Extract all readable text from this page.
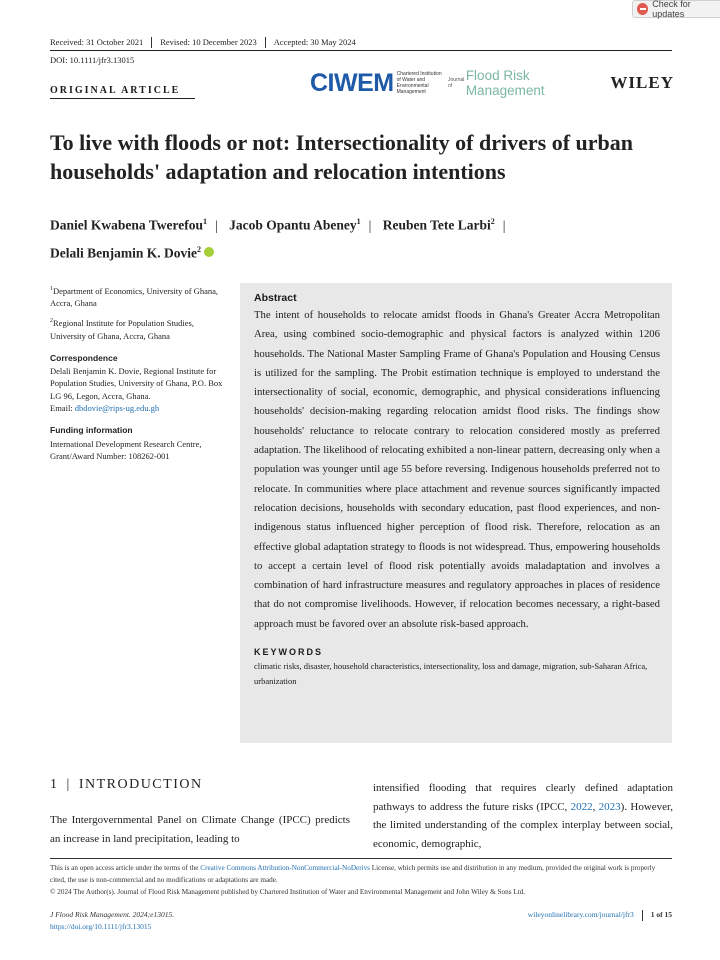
Check for updates
Received: 31 October 2021	Revised: 10 December 2023	Accepted: 30 May 2024
DOI: 10.1111/jfr3.13015
ORIGINAL ARTICLE	CIWEM Chartered Institution of Water and Environmental Management
Journal of
Flood Risk Management	WILEY
To live with floods or not: Intersectionality of drivers of urban households' adaptation and relocation intentions
Daniel Kwabena Twerefou$^1$ | Jacob Opantu Abeney$^1$ | Reuben Tete Larbi$^2$ |
Delali Benjamin K. Dovie$^2$

$^1$Department of Economics, University of Ghana, Accra, Ghana

$^2$Regional Institute for Population Studies, University of Ghana, Accra, Ghana

Correspondence

Delali Benjamin K. Dovie, Regional Institute for Population Studies, University of Ghana, P.O. Box LG 96, Legon, Accra, Ghana.
Email: dbdovie@rips-ug.edu.gh

Funding information

International Development Research Centre, Grant/Award Number: 108262-001

Abstract

The intent of households to relocate amidst floods in Ghana's Greater Accra Metropolitan Area, using combined socio-demographic and physical factors is analyzed within 1206 households. The National Master Sampling Frame of Ghana's Population and Housing Census is utilized for the sampling. The Probit estimation technique is employed to understand the intersectionality of social, economic, demographic, and physical considerations influencing households' decision-making regarding relocation amidst flood risks. The findings show households' reluctance to relocate contrary to relocation considered mostly as preferred adaptation. The likelihood of relocating exhibited a non-linear pattern, decreasing only when a population was younger until age 55 before reversing. Indigenous households preferred not to relocate. In communities where place attachment and revenue sources significantly impacted relocation decisions, households with secondary education, past flood experiences, and non-indigenous status influenced higher perception of flood risk. Therefore, relocation as an effective global adaptation strategy to floods is not widespread. Thus, empowering households to accept a certain level of flood risk potentially avoids maladaptation and involves a combination of hard infrastructure measures and regulatory approaches in places of residence that do not compromise livelihoods. However, if relocation becomes necessary, a right-based approach must be favored over an absolute risk-based approach.

KEYWORDS

climatic risks, disaster, household characteristics, intersectionality, loss and damage, migration, sub-Saharan Africa, urbanization

1 | INTRODUCTION

The Intergovernmental Panel on Climate Change (IPCC) predicts an increase in land precipitation, leading to

intensified flooding that requires clearly defined adaptation pathways to address the future risks (IPCC, 2022, 2023). However, the limited understanding of the complex interplay between social, economic, demographic,

This is an open access article under the terms of the Creative Commons Attribution-NonCommercial-NoDerivs License, which permits use and distribution in any medium, provided the original work is properly cited, the use is non-commercial and no modifications or adaptations are made.

© 2024 The Author(s). Journal of Flood Risk Management published by Chartered Institution of Water and Environmental Management and John Wiley & Sons Ltd.

J Flood Risk Management. 2024;e13015.
https://doi.org/10.1111/jfr3.13015
wileyonlinelibrary.com/journal/jfr3 1 of 15
